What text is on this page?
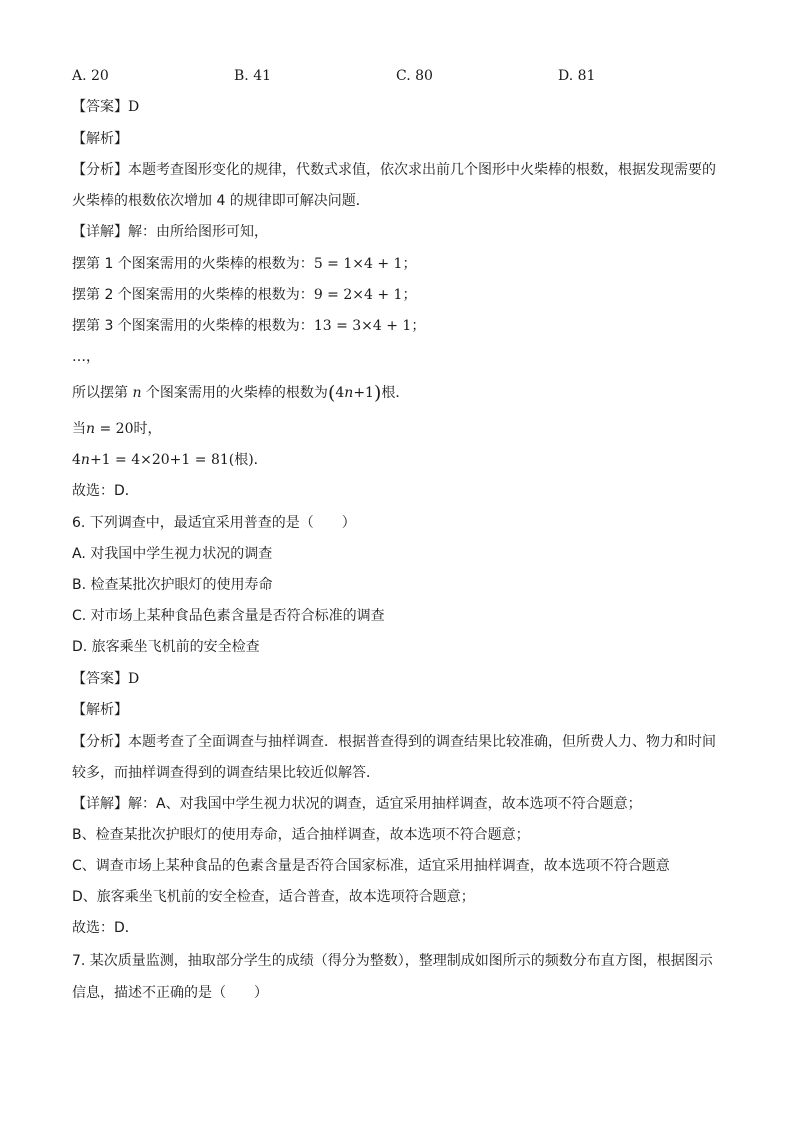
A. 20	B. 41	C. 80	D. 81
【答案】D
【解析】
【分析】本题考查图形变化的规律，代数式求值，依次求出前几个图形中火柴棒的根数，根据发现需要的
火柴棒的根数依次增加 4 的规律即可解决问题．
【详解】解：由所给图形可知，
摆第 1 个图案需用的火柴棒的根数为：5 = 1×4 + 1；
摆第 2 个图案需用的火柴棒的根数为：9 = 2×4 + 1；
摆第 3 个图案需用的火柴棒的根数为：13 = 3×4 + 1；
…，
所以摆第 n 个图案需用的火柴棒的根数为(4n+1)根．
当n = 20时，
4n+1 = 4×20+1 = 81(根)．
故选：D．
6. 下列调查中，最适宜采用普查的是（　　）
A. 对我国中学生视力状况的调查
B. 检查某批次护眼灯的使用寿命
C. 对市场上某种食品色素含量是否符合标准的调查
D. 旅客乘坐飞机前的安全检查
【答案】D
【解析】
【分析】本题考查了全面调查与抽样调查．根据普查得到的调查结果比较准确，但所费人力、物力和时间
较多，而抽样调查得到的调查结果比较近似解答．
【详解】解：A、对我国中学生视力状况的调查，适宜采用抽样调查，故本选项不符合题意；
B、检查某批次护眼灯的使用寿命，适合抽样调查，故本选项不符合题意；
C、调查市场上某种食品的色素含量是否符合国家标准，适宜采用抽样调查，故本选项不符合题意
D、旅客乘坐飞机前的安全检查，适合普查，故本选项符合题意；
故选：D．
7. 某次质量监测，抽取部分学生的成绩（得分为整数），整理制成如图所示的频数分布直方图，根据图示
信息，描述不正确的是（　　）
